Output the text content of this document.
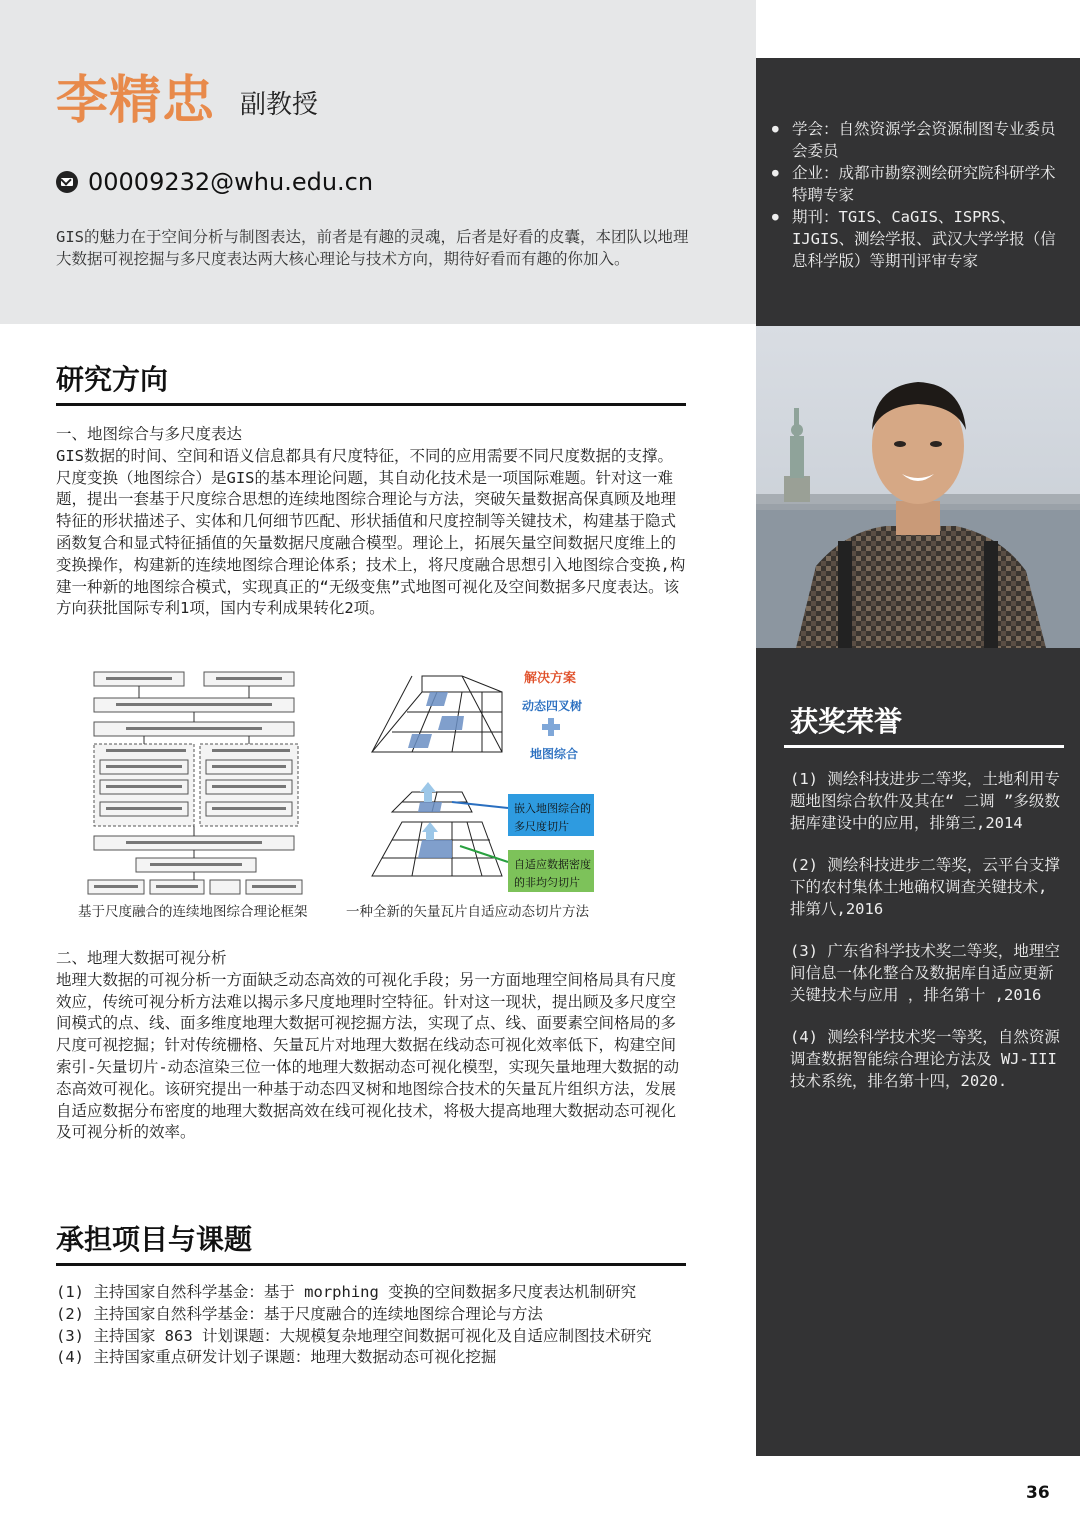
李精忠 副教授
00009232@whu.edu.cn
GIS的魅力在于空间分析与制图表达，前者是有趣的灵魂，后者是好看的皮囊，本团队以地理大数据可视挖掘与多尺度表达两大核心理论与技术方向，期待好看而有趣的你加入。
● 学会：自然资源学会资源制图专业委员会委员
● 企业：成都市勘察测绘研究院科研学术特聘专家
● 期刊：TGIS、CaGIS、ISPRS、IJGIS、测绘学报、武汉大学学报（信息科学版）等期刊评审专家
获奖荣誉

(1) 测绘科技进步二等奖，土地利用专题地图综合软件及其在“ 二调 ”多级数据库建设中的应用，排第三,2014

(2) 测绘科技进步二等奖，云平台支撑下的农村集体土地确权调查关键技术,排第八,2016

(3) 广东省科学技术奖二等奖，地理空间信息一体化整合及数据库自适应更新关键技术与应用 ，排名第十 ,2016

(4) 测绘科学技术奖一等奖，自然资源调查数据智能综合理论方法及 WJ-III 技术系统，排名第十四，2020.

研究方向
一、地图综合与多尺度表达
GIS数据的时间、空间和语义信息都具有尺度特征，不同的应用需要不同尺度数据的支撑。尺度变换（地图综合）是GIS的基本理论问题，其自动化技术是一项国际难题。针对这一难题，提出一套基于尺度综合思想的连续地图综合理论与方法，突破矢量数据高保真顾及地理特征的形状描述子、实体和几何细节匹配、形状插值和尺度控制等关键技术，构建基于隐式函数复合和显式特征插值的矢量数据尺度融合模型。理论上，拓展矢量空间数据尺度维上的变换操作，构建新的连续地图综合理论体系；技术上，将尺度融合思想引入地图综合变换,构建一种新的地图综合模式，实现真正的“无级变焦”式地图可视化及空间数据多尺度表达。该方向获批国际专利1项，国内专利成果转化2项。
解决方案
动态四叉树
地图综合
嵌入地图综合的 多尺度切片
自适应数据密度 的非均匀切片
基于尺度融合的连续地图综合理论框架	一种全新的矢量瓦片自适应动态切片方法
二、地理大数据可视分析
地理大数据的可视分析一方面缺乏动态高效的可视化手段；另一方面地理空间格局具有尺度效应，传统可视分析方法难以揭示多尺度地理时空特征。针对这一现状，提出顾及多尺度空间模式的点、线、面多维度地理大数据可视挖掘方法，实现了点、线、面要素空间格局的多尺度可视挖掘；针对传统栅格、矢量瓦片对地理大数据在线动态可视化效率低下，构建空间索引-矢量切片-动态渲染三位一体的地理大数据动态可视化模型，实现矢量地理大数据的动态高效可视化。该研究提出一种基于动态四叉树和地图综合技术的矢量瓦片组织方法，发展自适应数据分布密度的地理大数据高效在线可视化技术，将极大提高地理大数据动态可视化及可视分析的效率。
承担项目与课题
(1) 主持国家自然科学基金：基于 morphing 变换的空间数据多尺度表达机制研究
(2) 主持国家自然科学基金：基于尺度融合的连续地图综合理论与方法
(3) 主持国家 863 计划课题：大规模复杂地理空间数据可视化及自适应制图技术研究
(4) 主持国家重点研发计划子课题：地理大数据动态可视化挖掘
36
